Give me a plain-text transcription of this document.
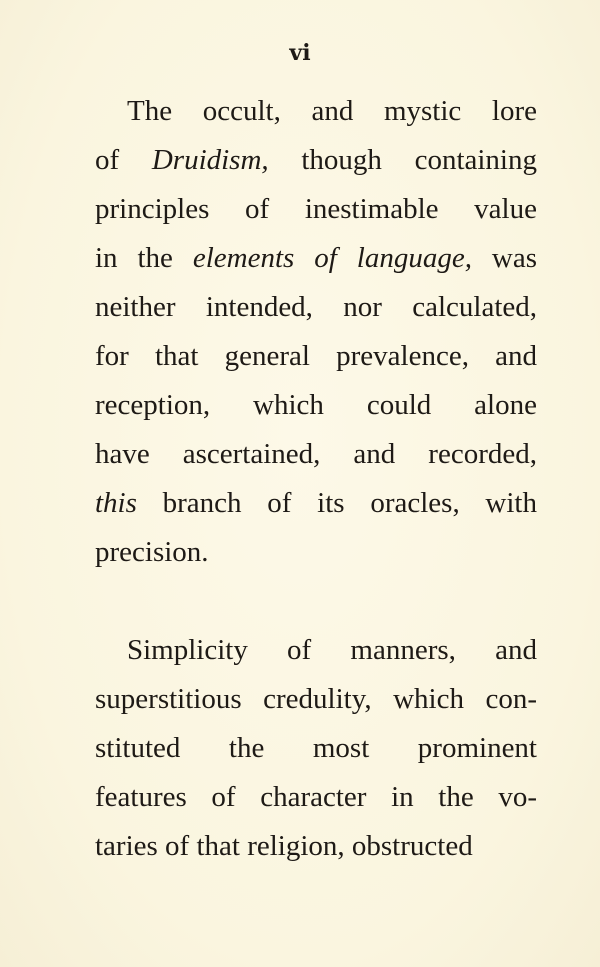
vi
The occult, and mystic lore
of Druidism, though containing
principles of inestimable value
in the elements of language, was
neither intended, nor calculated,
for that general prevalence, and
reception, which could alone
have ascertained, and recorded,
this branch of its oracles, with
precision.
Simplicity of manners, and
superstitious credulity, which con-
stituted the most prominent
features of character in the vo-
taries of that religion, obstructed
